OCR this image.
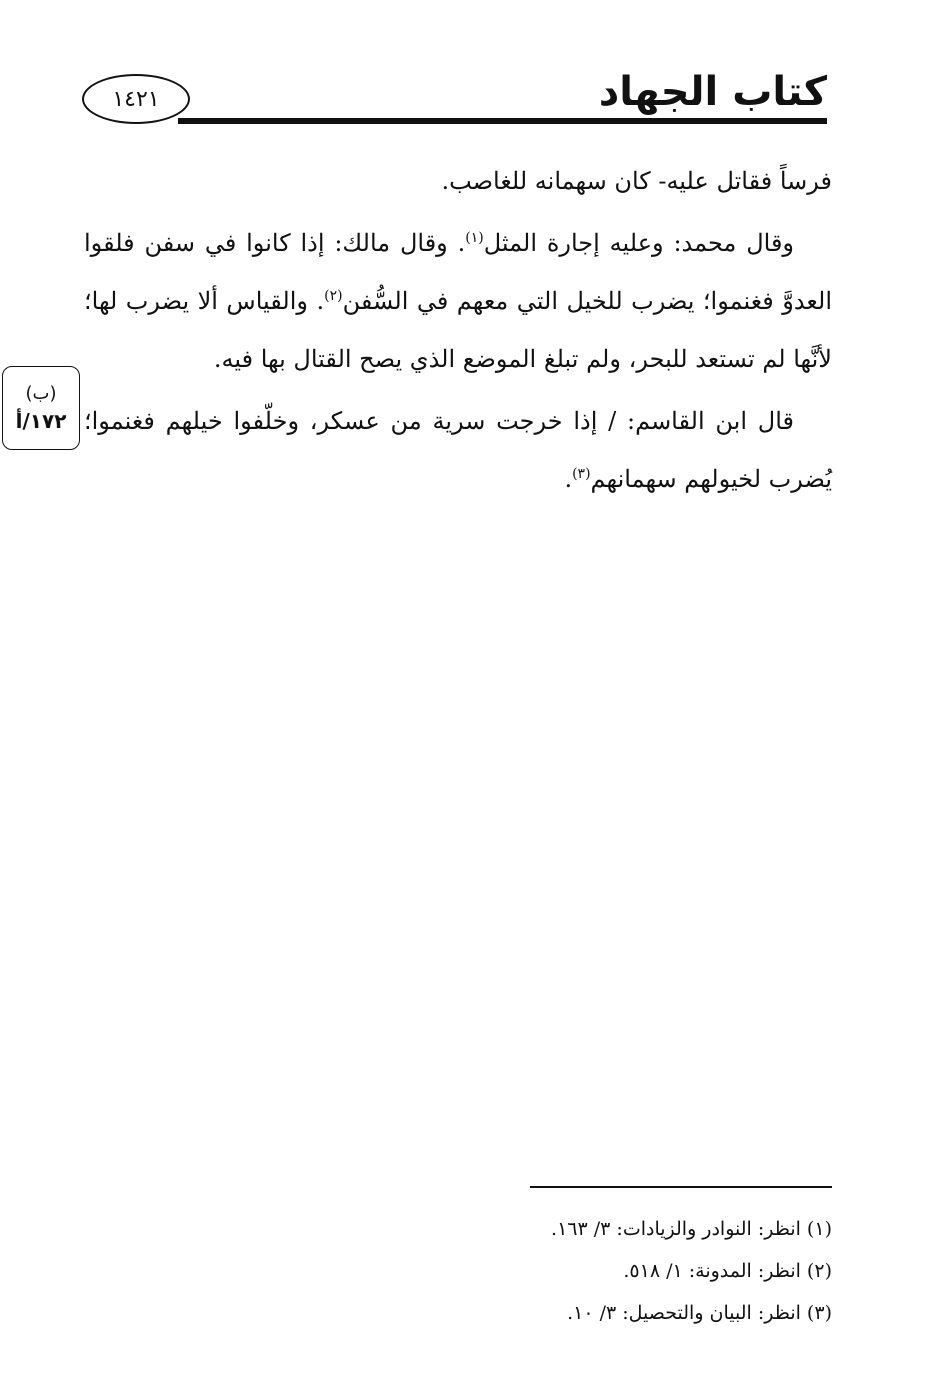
١٤٢١	كتاب الجهاد

فرساً فقاتل عليه- كان سهمانه للغاصب.

وقال محمد: وعليه إجارة المثل$^{(١)}$. وقال مالك: إذا كانوا في سفن فلقوا العدوَّ فغنموا؛ يضرب للخيل التي معهم في السُّفن$^{(٢)}$. والقياس ألا يضرب لها؛ لأنَّها لم تستعد للبحر، ولم تبلغ الموضع الذي يصح القتال بها فيه.

قال ابن القاسم: / إذا خرجت سرية من عسكر، وخلّفوا خيلهم فغنموا؛ يُضرب لخيولهم سهمانهم$^{(٣)}$.

(ب)
١٧٢/أ
(١) انظر: النوادر والزيادات: ٣/ ١٦٣.
(٢) انظر: المدونة: ١/ ٥١٨.
(٣) انظر: البيان والتحصيل: ٣/ ١٠.
